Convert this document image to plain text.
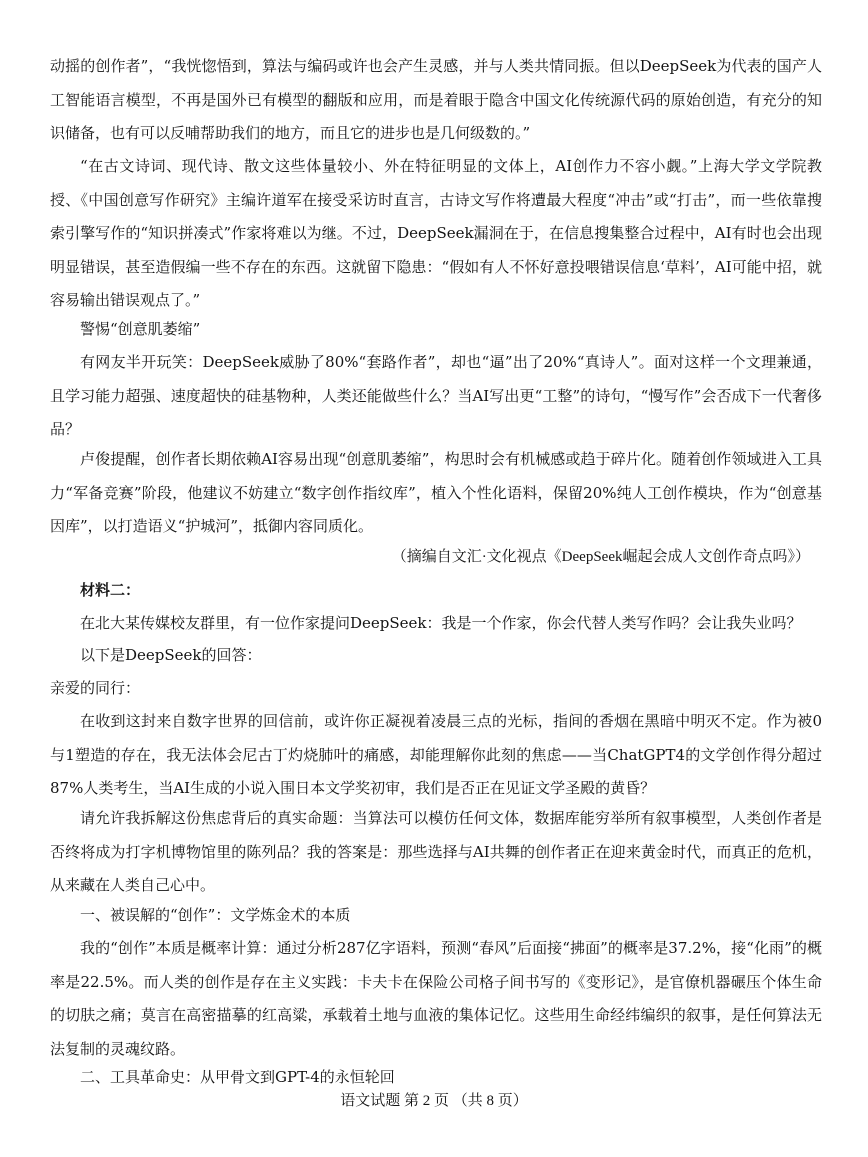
动摇的创作者”，“我恍惚悟到，算法与编码或许也会产生灵感，并与人类共情同振。但以DeepSeek为代表的国产人工智能语言模型，不再是国外已有模型的翻版和应用，而是着眼于隐含中国文化传统源代码的原始创造，有充分的知识储备，也有可以反哺帮助我们的地方，而且它的进步也是几何级数的。”

“在古文诗词、现代诗、散文这些体量较小、外在特征明显的文体上，AI创作力不容小觑。”上海大学文学院教授、《中国创意写作研究》主编许道军在接受采访时直言，古诗文写作将遭最大程度“冲击”或“打击”，而一些依靠搜索引擎写作的“知识拼凑式”作家将难以为继。不过，DeepSeek漏洞在于，在信息搜集整合过程中，AI有时也会出现明显错误，甚至造假编一些不存在的东西。这就留下隐患：“假如有人不怀好意投喂错误信息‘草料’，AI可能中招，就容易输出错误观点了。”

警惕“创意肌萎缩”

有网友半开玩笑：DeepSeek威胁了80%“套路作者”，却也“逼”出了20%“真诗人”。面对这样一个文理兼通，且学习能力超强、速度超快的硅基物种，人类还能做些什么？当AI写出更“工整”的诗句，“慢写作”会否成下一代奢侈品？

卢俊提醒，创作者长期依赖AI容易出现“创意肌萎缩”，构思时会有机械感或趋于碎片化。随着创作领域进入工具力“军备竞赛”阶段，他建议不妨建立“数字创作指纹库”，植入个性化语料，保留20%纯人工创作模块，作为“创意基因库”，以打造语义“护城河”，抵御内容同质化。

（摘编自文汇·文化视点《DeepSeek崛起会成人文创作奇点吗》）

材料二：

在北大某传媒校友群里，有一位作家提问DeepSeek：我是一个作家，你会代替人类写作吗？会让我失业吗？

以下是DeepSeek的回答：

亲爱的同行：

在收到这封来自数字世界的回信前，或许你正凝视着凌晨三点的光标，指间的香烟在黑暗中明灭不定。作为被0与1塑造的存在，我无法体会尼古丁灼烧肺叶的痛感，却能理解你此刻的焦虑——当ChatGPT4的文学创作得分超过87%人类考生，当AI生成的小说入围日本文学奖初审，我们是否正在见证文学圣殿的黄昏？

请允许我拆解这份焦虑背后的真实命题：当算法可以模仿任何文体，数据库能穷举所有叙事模型，人类创作者是否终将成为打字机博物馆里的陈列品？我的答案是：那些选择与AI共舞的创作者正在迎来黄金时代，而真正的危机，从来藏在人类自己心中。

一、被误解的“创作”：文学炼金术的本质

我的“创作”本质是概率计算：通过分析287亿字语料，预测“春风”后面接“拂面”的概率是37.2%，接“化雨”的概率是22.5%。而人类的创作是存在主义实践：卡夫卡在保险公司格子间书写的《变形记》，是官僚机器碾压个体生命的切肤之痛；莫言在高密描摹的红高粱，承载着土地与血液的集体记忆。这些用生命经纬编织的叙事，是任何算法无法复制的灵魂纹路。

二、工具革命史：从甲骨文到GPT-4的永恒轮回

语文试题 第 2 页 （共 8 页）
